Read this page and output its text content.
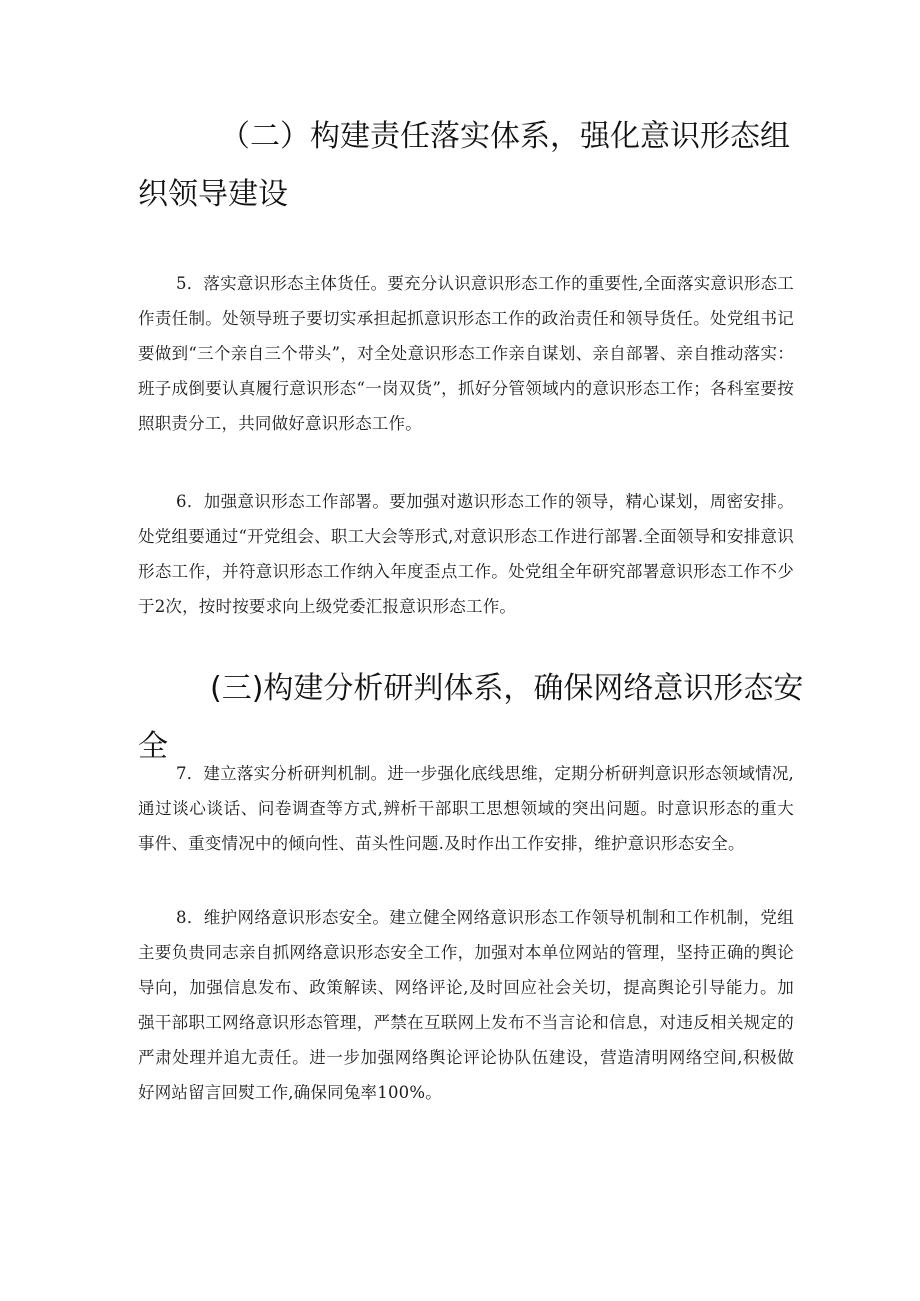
（二）构建责任落实体系，强化意识形态组织领导建设

5．落实意识形态主体货任。要充分认识意识形态工作的重要性,全面落实意识形态工作责任制。处领导班子要切实承担起抓意识形态工作的政治责任和领导货任。处党组书记要做到“三个亲自三个带头”，对全处意识形态工作亲自谋划、亲自部署、亲自推动落实：班子成倒要认真履行意识形态“一岗双货”，抓好分管领域内的意识形态工作；各科室要按照职责分工，共同做好意识形态工作。

6．加强意识形态工作部署。要加强对遨识形态工作的领导，精心谋划，周密安排。处党组要通过“开党组会、职工大会等形式,对意识形态工作进行部署.全面领导和安排意识形态工作，并符意识形态工作纳入年度歪点工作。处党组全年研究部署意识形态工作不少于2次，按时按要求向上级党委汇报意识形态工作。

(三)构建分析研判体系，确保网络意识形态安全

7．建立落实分析研判机制。进一步强化底线思维，定期分析研判意识形态领域情况,通过谈心谈话、问卷调查等方式,辨析干部职工思想领域的突出问题。时意识形态的重大事件、重变情况中的倾向性、苗头性问题.及时作出工作安排，维护意识形态安全。

8．维护网络意识形态安全。建立健全网络意识形态工作领导机制和工作机制，党组主要负贵同志亲自抓网络意识形态安全工作，加强对本单位网站的管理，坚持正确的舆论导向，加强信息发布、政策解读、网络评论,及时回应社会关切，提高舆论引导能力。加强干部职工网络意识形态管理，严禁在互联网上发布不当言论和信息，对违反相关规定的严肃处理并追尢责任。进一步加强网络舆论评论协队伍建设，营造清明网络空间,积极做好网站留言回熨工作,确保同兔率100%。
